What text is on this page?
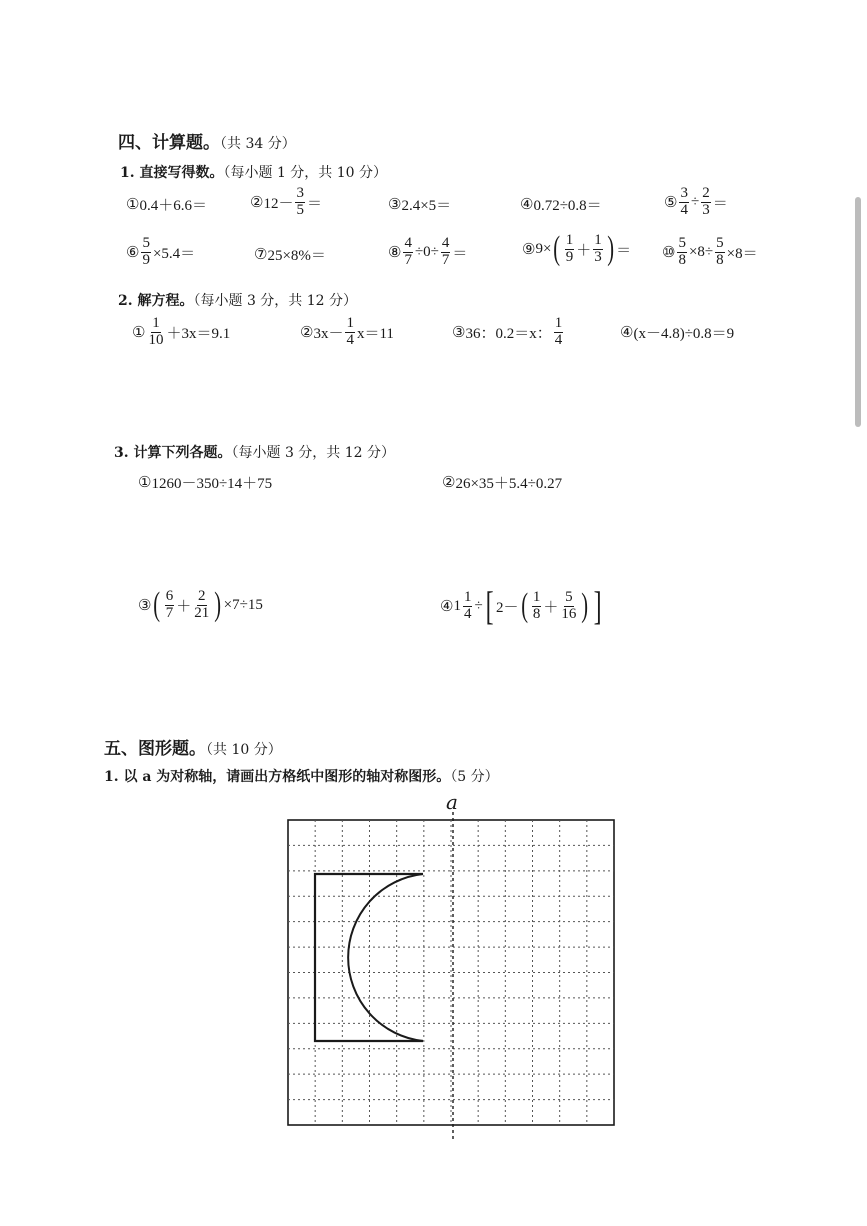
四、计算题。（共 34 分）
1. 直接写得数。（每小题 1 分，共 10 分）
① 0.4＋6.6＝	② $12- \frac{3}{5}$ ＝	③ 2.4×5＝	④ 0.72÷0.8＝	⑤ $\frac{3}{4} \div \frac{2}{3}$ ＝
⑥ $\frac{5}{9} \times 5.4=$	⑦ 25×8%＝	⑧ $\frac{4}{7} \div 0\div \frac{4}{7}$ ＝	⑨ 9× ( $\frac{1}{9} + \frac{1}{3}$ ) ＝ ⑩ $\frac{5}{8} \times 8\div \frac{5}{8} \times 8=$
2. 解方程。（每小题 3 分，共 12 分）
① $\frac{1}{10} +3x=9.1$	② $3x- \frac{1}{4} x=11$	③ 36：0.2＝x： $\frac{1}{4}$	④ (x－4.8)÷0.8＝9
3. 计算下列各题。（每小题 3 分，共 12 分）
① 1260－350÷14＋75	② 26×35＋5.4÷0.27
③ ( $\frac{6}{7} + \frac{2}{21}$ ) ×7÷15	④ $1 \frac{1}{4}$ ÷ [ 2－ ( $\frac{1}{8} + \frac{5}{16}$ ) ]
五、图形题。（共 10 分）
1. 以 a 为对称轴，请画出方格纸中图形的轴对称图形。（5 分）
a
